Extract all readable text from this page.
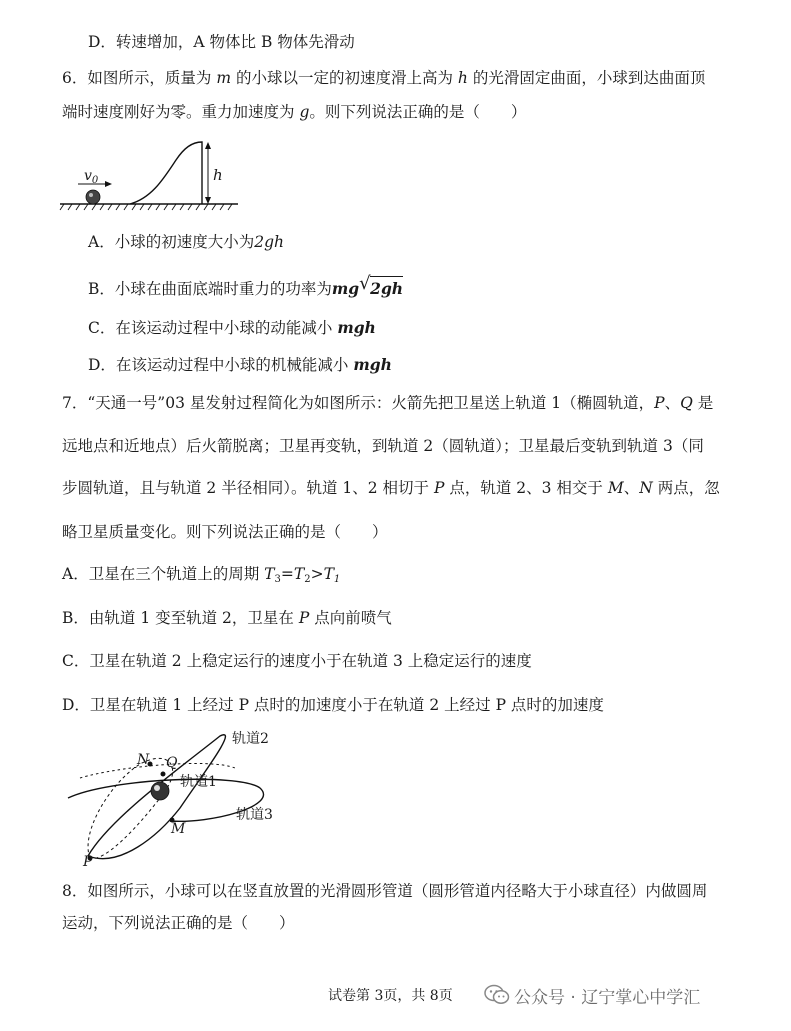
D．转速增加，A 物体比 B 物体先滑动
6．如图所示，质量为 m 的小球以一定的初速度滑上高为 h 的光滑固定曲面，小球到达曲面顶
端时速度刚好为零。重力加速度为 g。则下列说法正确的是（　　）
$v_0$	h
A．小球的初速度大小为2gh
B．小球在曲面底端时重力的功率为mg √ 2gh
C．在该运动过程中小球的动能减小 mgh
D．在该运动过程中小球的机械能减小 mgh
7．“天通一号”03 星发射过程简化为如图所示：火箭先把卫星送上轨道 1（椭圆轨道，P、Q 是
远地点和近地点）后火箭脱离；卫星再变轨，到轨道 2（圆轨道）；卫星最后变轨到轨道 3（同
步圆轨道，且与轨道 2 半径相同）。轨道 1、2 相切于 P 点，轨道 2、3 相交于 M、N 两点，忽
略卫星质量变化。则下列说法正确的是（　　）
A．卫星在三个轨道上的周期 $T_3=T_2>T_1$
B．由轨道 1 变至轨道 2，卫星在 P 点向前喷气
C．卫星在轨道 2 上稳定运行的速度小于在轨道 3 上稳定运行的速度
D．卫星在轨道 1 上经过 P 点时的加速度小于在轨道 2 上经过 P 点时的加速度
轨道2
轨道1
轨道3
N Q
M
P
8．如图所示，小球可以在竖直放置的光滑圆形管道（圆形管道内径略大于小球直径）内做圆周
运动，下列说法正确的是（　　）
试卷第 3页，共 8页	公众号 · 辽宁掌心中学汇
